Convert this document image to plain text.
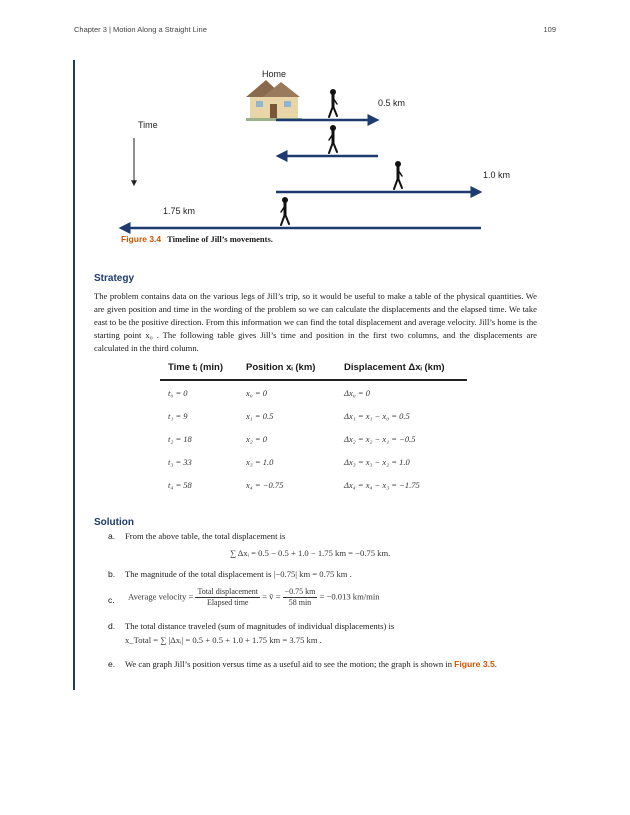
Chapter 3 | Motion Along a Straight Line	109
Home
Time
0.5 km
1.0 km
1.75 km
Figure 3.4 Timeline of Jill’s movements.
Strategy
The problem contains data on the various legs of Jill’s trip, so it would be useful to make a table of the physical quantities. We are given position and time in the wording of the problem so we can calculate the displacements and the elapsed time. We take east to be the positive direction. From this information we can find the total displacement and average velocity. Jill’s home is the starting point x₀ . The following table gives Jill’s time and position in the first two columns, and the displacements are calculated in the third column.
Time tᵢ (min)	Position xᵢ (km)	Displacement Δxᵢ (km)
t₀ = 0	x₀ = 0	Δx₀ = 0
t₁ = 9	x₁ = 0.5	Δx₁ = x₁ − x₀ = 0.5
t₂ = 18	x₂ = 0	Δx₂ = x₂ − x₁ = −0.5
t₃ = 33	x₃ = 1.0	Δx₃ = x₃ − x₂ = 1.0
t₄ = 58	x₄ = −0.75	Δx₄ = x₄ − x₃ = −1.75
Solution
a. From the above table, the total displacement is
∑ Δxᵢ = 0.5 − 0.5 + 1.0 − 1.75 km = −0.75 km.
b. The magnitude of the total displacement is |−0.75| km = 0.75 km .
c. Average velocity = $\frac{\text{Total displacement}}{\text{Elapsed time}}$ = v̄ = $\frac{-0.75 km}{58 \min} = -0.013$ km/min
d. The total distance traveled (sum of magnitudes of individual displacements) is
x_Total = ∑ |Δxᵢ| = 0.5 + 0.5 + 1.0 + 1.75 km = 3.75 km .
e. We can graph Jill’s position versus time as a useful aid to see the motion; the graph is shown in Figure 3.5.
